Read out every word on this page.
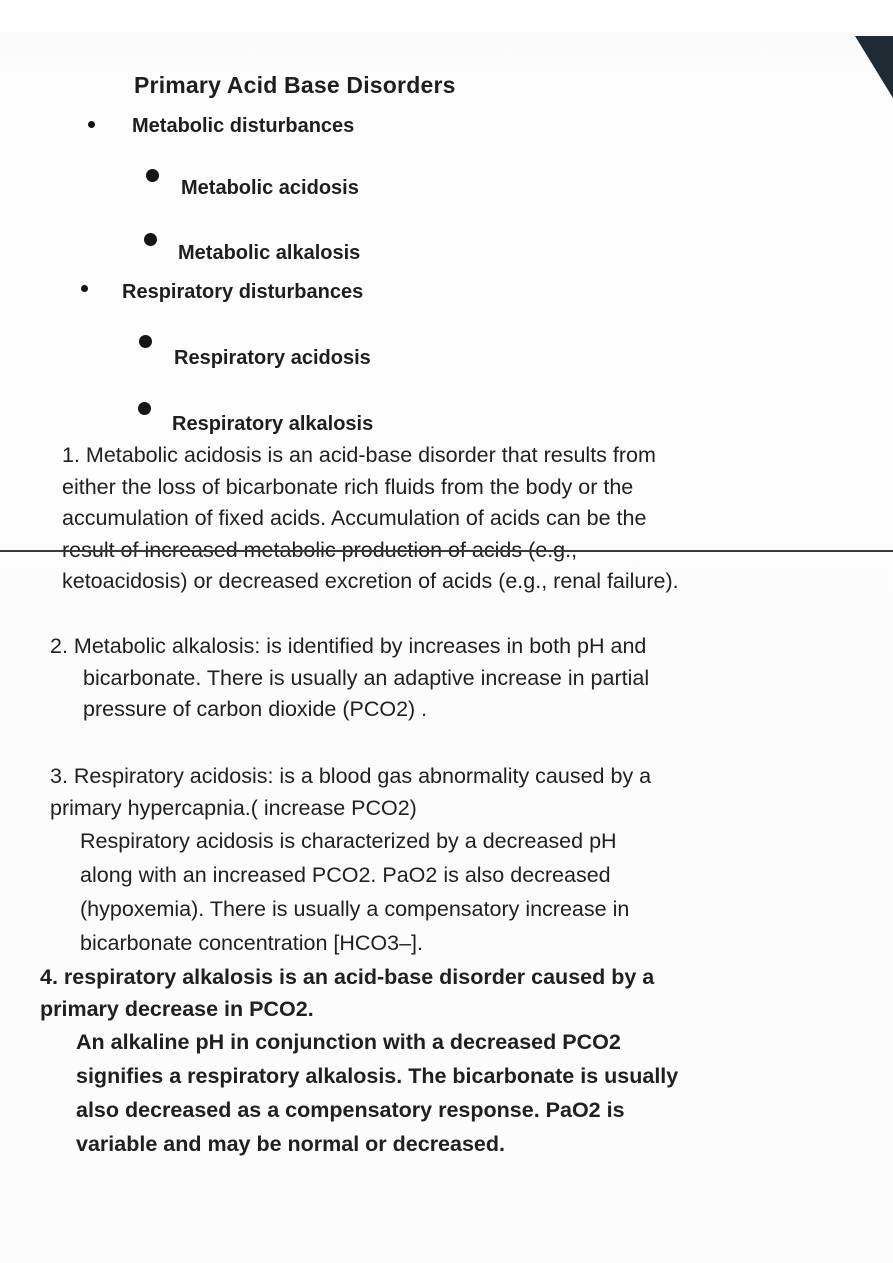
Primary Acid Base Disorders
Metabolic disturbances
Metabolic acidosis
Metabolic alkalosis
Respiratory disturbances
Respiratory acidosis
Respiratory alkalosis
1. Metabolic acidosis is an acid-base disorder that results from
either the loss of bicarbonate rich fluids from the body or the
accumulation of fixed acids. Accumulation of acids can be the
result of increased metabolic production of acids (e.g.,
ketoacidosis) or decreased excretion of acids (e.g., renal failure).
2. Metabolic alkalosis: is identified by increases in both pH and
bicarbonate. There is usually an adaptive increase in partial
pressure of carbon dioxide (PCO2) .
3. Respiratory acidosis: is a blood gas abnormality caused by a
primary hypercapnia.( increase PCO2)
Respiratory acidosis is characterized by a decreased pH
along with an increased PCO2. PaO2 is also decreased
(hypoxemia). There is usually a compensatory increase in
bicarbonate concentration [HCO3–].
4. respiratory alkalosis is an acid-base disorder caused by a
primary decrease in PCO2.
An alkaline pH in conjunction with a decreased PCO2
signifies a respiratory alkalosis. The bicarbonate is usually
also decreased as a compensatory response. PaO2 is
variable and may be normal or decreased.
